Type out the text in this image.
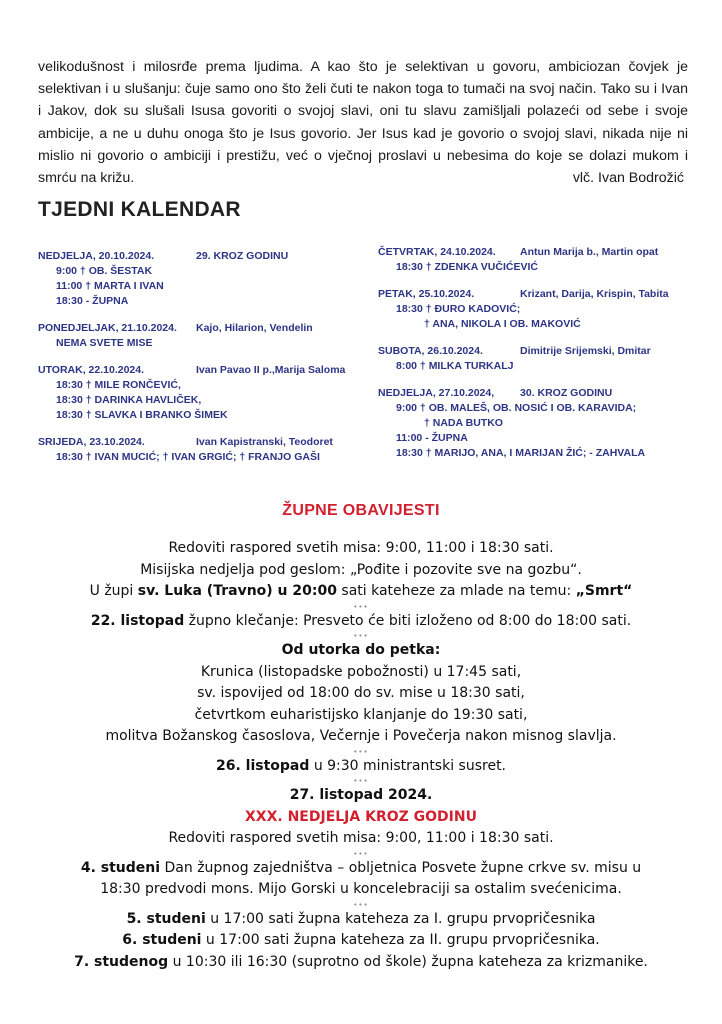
velikodušnost i milosrđe prema ljudima. A kao što je selektivan u govoru, ambiciozan čovjek je selektivan i u slušanju: čuje samo ono što želi čuti te nakon toga to tumači na svoj način. Tako su i Ivan i Jakov, dok su slušali Isusa govoriti o svojoj slavi, oni tu slavu zamišljali polazeći od sebe i svoje ambicije, a ne u duhu onoga što je Isus govorio. Jer Isus kad je govorio o svojoj slavi, nikada nije ni mislio ni govorio o ambiciji i prestižu, već o vječnoj proslavi u nebesima do koje se dolazi mukom i smrću na križu.	vlč. Ivan Bodrožić

TJEDNI KALENDAR
NEDJELJA, 20.10.2024.	29. KROZ GODINU
9:00 † OB. ŠESTAK
11:00 † MARTA I IVAN
18:30 - ŽUPNA
PONEDJELJAK, 21.10.2024. Kajo, Hilarion, Vendelin
NEMA SVETE MISE
UTORAK, 22.10.2024.	Ivan Pavao II p.,Marija Saloma
18:30 † MILE RONČEVIĆ,
18:30 † DARINKA HAVLIČEK,
18:30 † SLAVKA I BRANKO ŠIMEK
SRIJEDA, 23.10.2024.	Ivan Kapistranski, Teodoret
18:30 † IVAN MUCIĆ; † IVAN GRGIĆ; † FRANJO GAŠI
ČETVRTAK, 24.10.2024. Antun Marija b., Martin opat
18:30 † ZDENKA VUČIĆEVIĆ
PETAK, 25.10.2024.	Krizant, Darija, Krispin, Tabita
18:30 † ĐURO KADOVIĆ;
† ANA, NIKOLA I OB. MAKOVIĆ
SUBOTA, 26.10.2024.	Dimitrije Srijemski, Dmitar
8:00 † MILKA TURKALJ
NEDJELJA, 27.10.2024, 30. KROZ GODINU
9:00 † OB. MALEŠ, OB. NOSIĆ I OB. KARAVIDA;
† NADA BUTKO
11:00 - ŽUPNA
18:30 † MARIJO, ANA, I MARIJAN ŽIĆ; - ZAHVALA
ŽUPNE OBAVIJESTI
Redoviti raspored svetih misa: 9:00, 11:00 i 18:30 sati.
Misijska nedjelja pod geslom: „Pođite i pozovite sve na gozbu“.
U župi sv. Luka (Travno) u 20:00 sati kateheze za mlade na temu: „Smrt“
•••
22. listopad župno klečanje: Presveto će biti izloženo od 8:00 do 18:00 sati.
•••
Od utorka do petka:
Krunica (listopadske pobožnosti) u 17:45 sati,
sv. ispovijed od 18:00 do sv. mise u 18:30 sati,
četvrtkom euharistijsko klanjanje do 19:30 sati,
molitva Božanskog časoslova, Večernje i Povečerja nakon misnog slavlja.
•••
26. listopad u 9:30 ministrantski susret.
•••
27. listopad 2024.
XXX. NEDJELJA KROZ GODINU
Redoviti raspored svetih misa: 9:00, 11:00 i 18:30 sati.
•••
4. studeni Dan župnog zajedništva – obljetnica Posvete župne crkve sv. misu u
18:30 predvodi mons. Mijo Gorski u koncelebraciji sa ostalim svećenicima.
•••
5. studeni u 17:00 sati župna kateheza za I. grupu prvopričesnika
6. studeni u 17:00 sati župna kateheza za II. grupu prvopričesnika.
7. studenog u 10:30 ili 16:30 (suprotno od škole) župna kateheza za krizmanike.
